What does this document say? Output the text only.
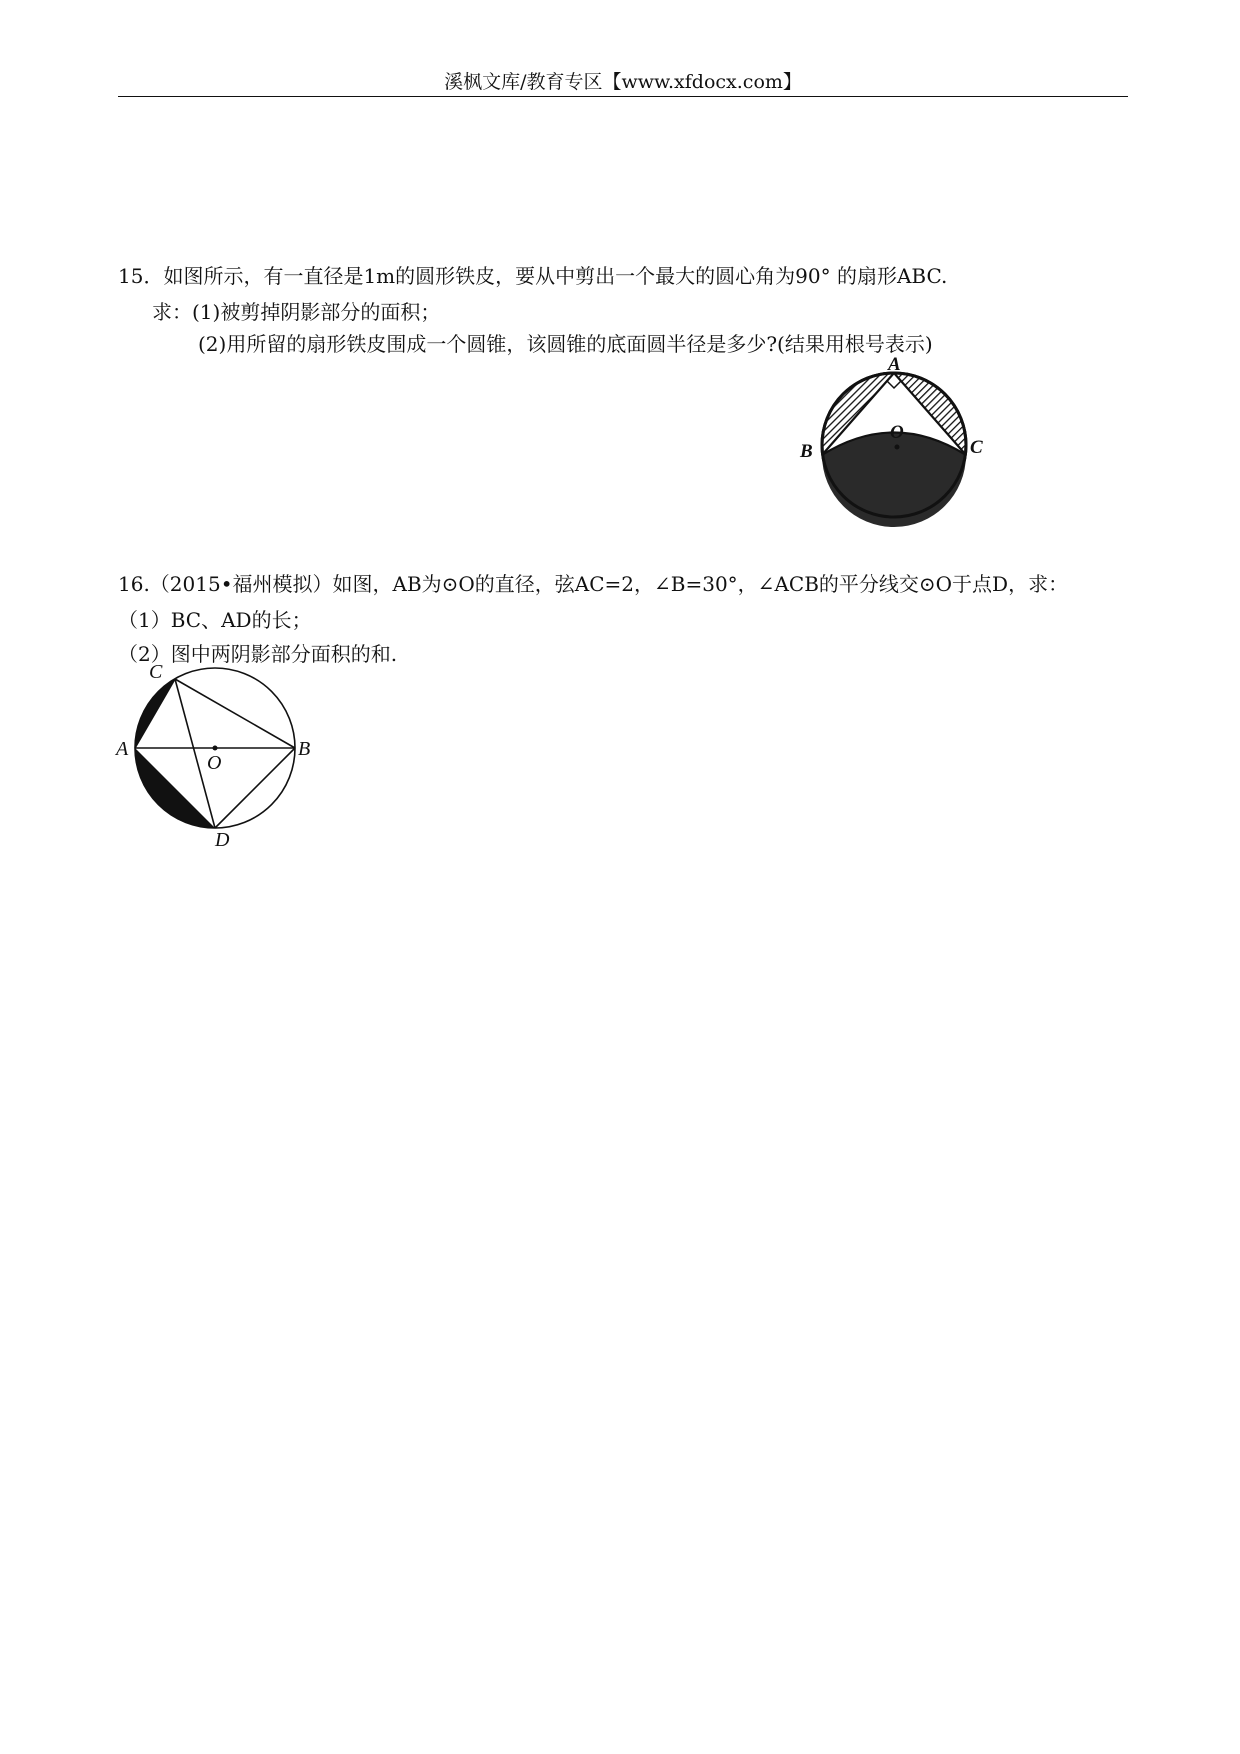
溪枫文库/教育专区【www.xfdocx.com】
15．如图所示，有一直径是1m的圆形铁皮，要从中剪出一个最大的圆心角为90° 的扇形ABC.
求：(1)被剪掉阴影部分的面积；
(2)用所留的扇形铁皮围成一个圆锥，该圆锥的底面圆半径是多少?(结果用根号表示)
A
B	C
O
16.（2015•福州模拟）如图，AB为⊙O的直径，弦AC=2，∠B=30°，∠ACB的平分线交⊙O于点D，求：
（1）BC、AD的长；
（2）图中两阴影部分面积的和.
C
A	B
O
D
